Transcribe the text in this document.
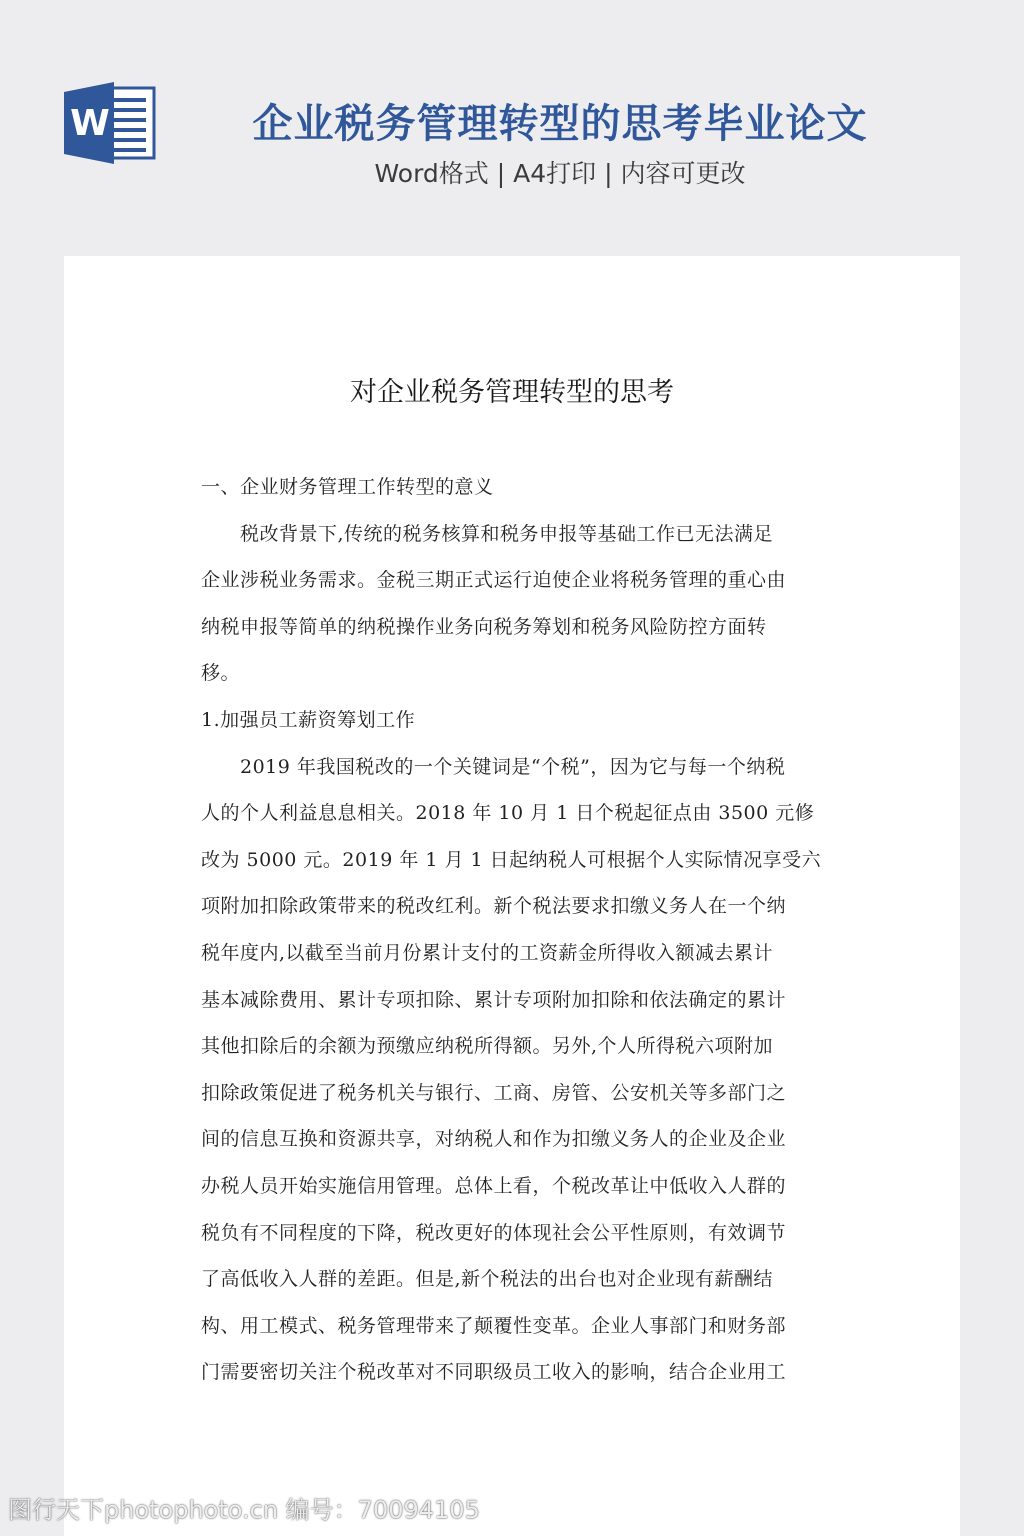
W	企业税务管理转型的思考毕业论文
Word格式 | A4打印 | 内容可更改
对企业税务管理转型的思考
一、企业财务管理工作转型的意义
　　税改背景下,传统的税务核算和税务申报等基础工作已无法满足
企业涉税业务需求。金税三期正式运行迫使企业将税务管理的重心由
纳税申报等简单的纳税操作业务向税务筹划和税务风险防控方面转
移。
1.加强员工薪资筹划工作
　　2019 年我国税改的一个关键词是“个税”，因为它与每一个纳税
人的个人利益息息相关。2018 年 10 月 1 日个税起征点由 3500 元修
改为 5000 元。2019 年 1 月 1 日起纳税人可根据个人实际情况享受六
项附加扣除政策带来的税改红利。新个税法要求扣缴义务人在一个纳
税年度内,以截至当前月份累计支付的工资薪金所得收入额减去累计
基本减除费用、累计专项扣除、累计专项附加扣除和依法确定的累计
其他扣除后的余额为预缴应纳税所得额。另外,个人所得税六项附加
扣除政策促进了税务机关与银行、工商、房管、公安机关等多部门之
间的信息互换和资源共享，对纳税人和作为扣缴义务人的企业及企业
办税人员开始实施信用管理。总体上看，个税改革让中低收入人群的
税负有不同程度的下降，税改更好的体现社会公平性原则，有效调节
了高低收入人群的差距。但是,新个税法的出台也对企业现有薪酬结
构、用工模式、税务管理带来了颠覆性变革。企业人事部门和财务部
门需要密切关注个税改革对不同职级员工收入的影响，结合企业用工
图行天下photophoto.cn 编号：70094105
